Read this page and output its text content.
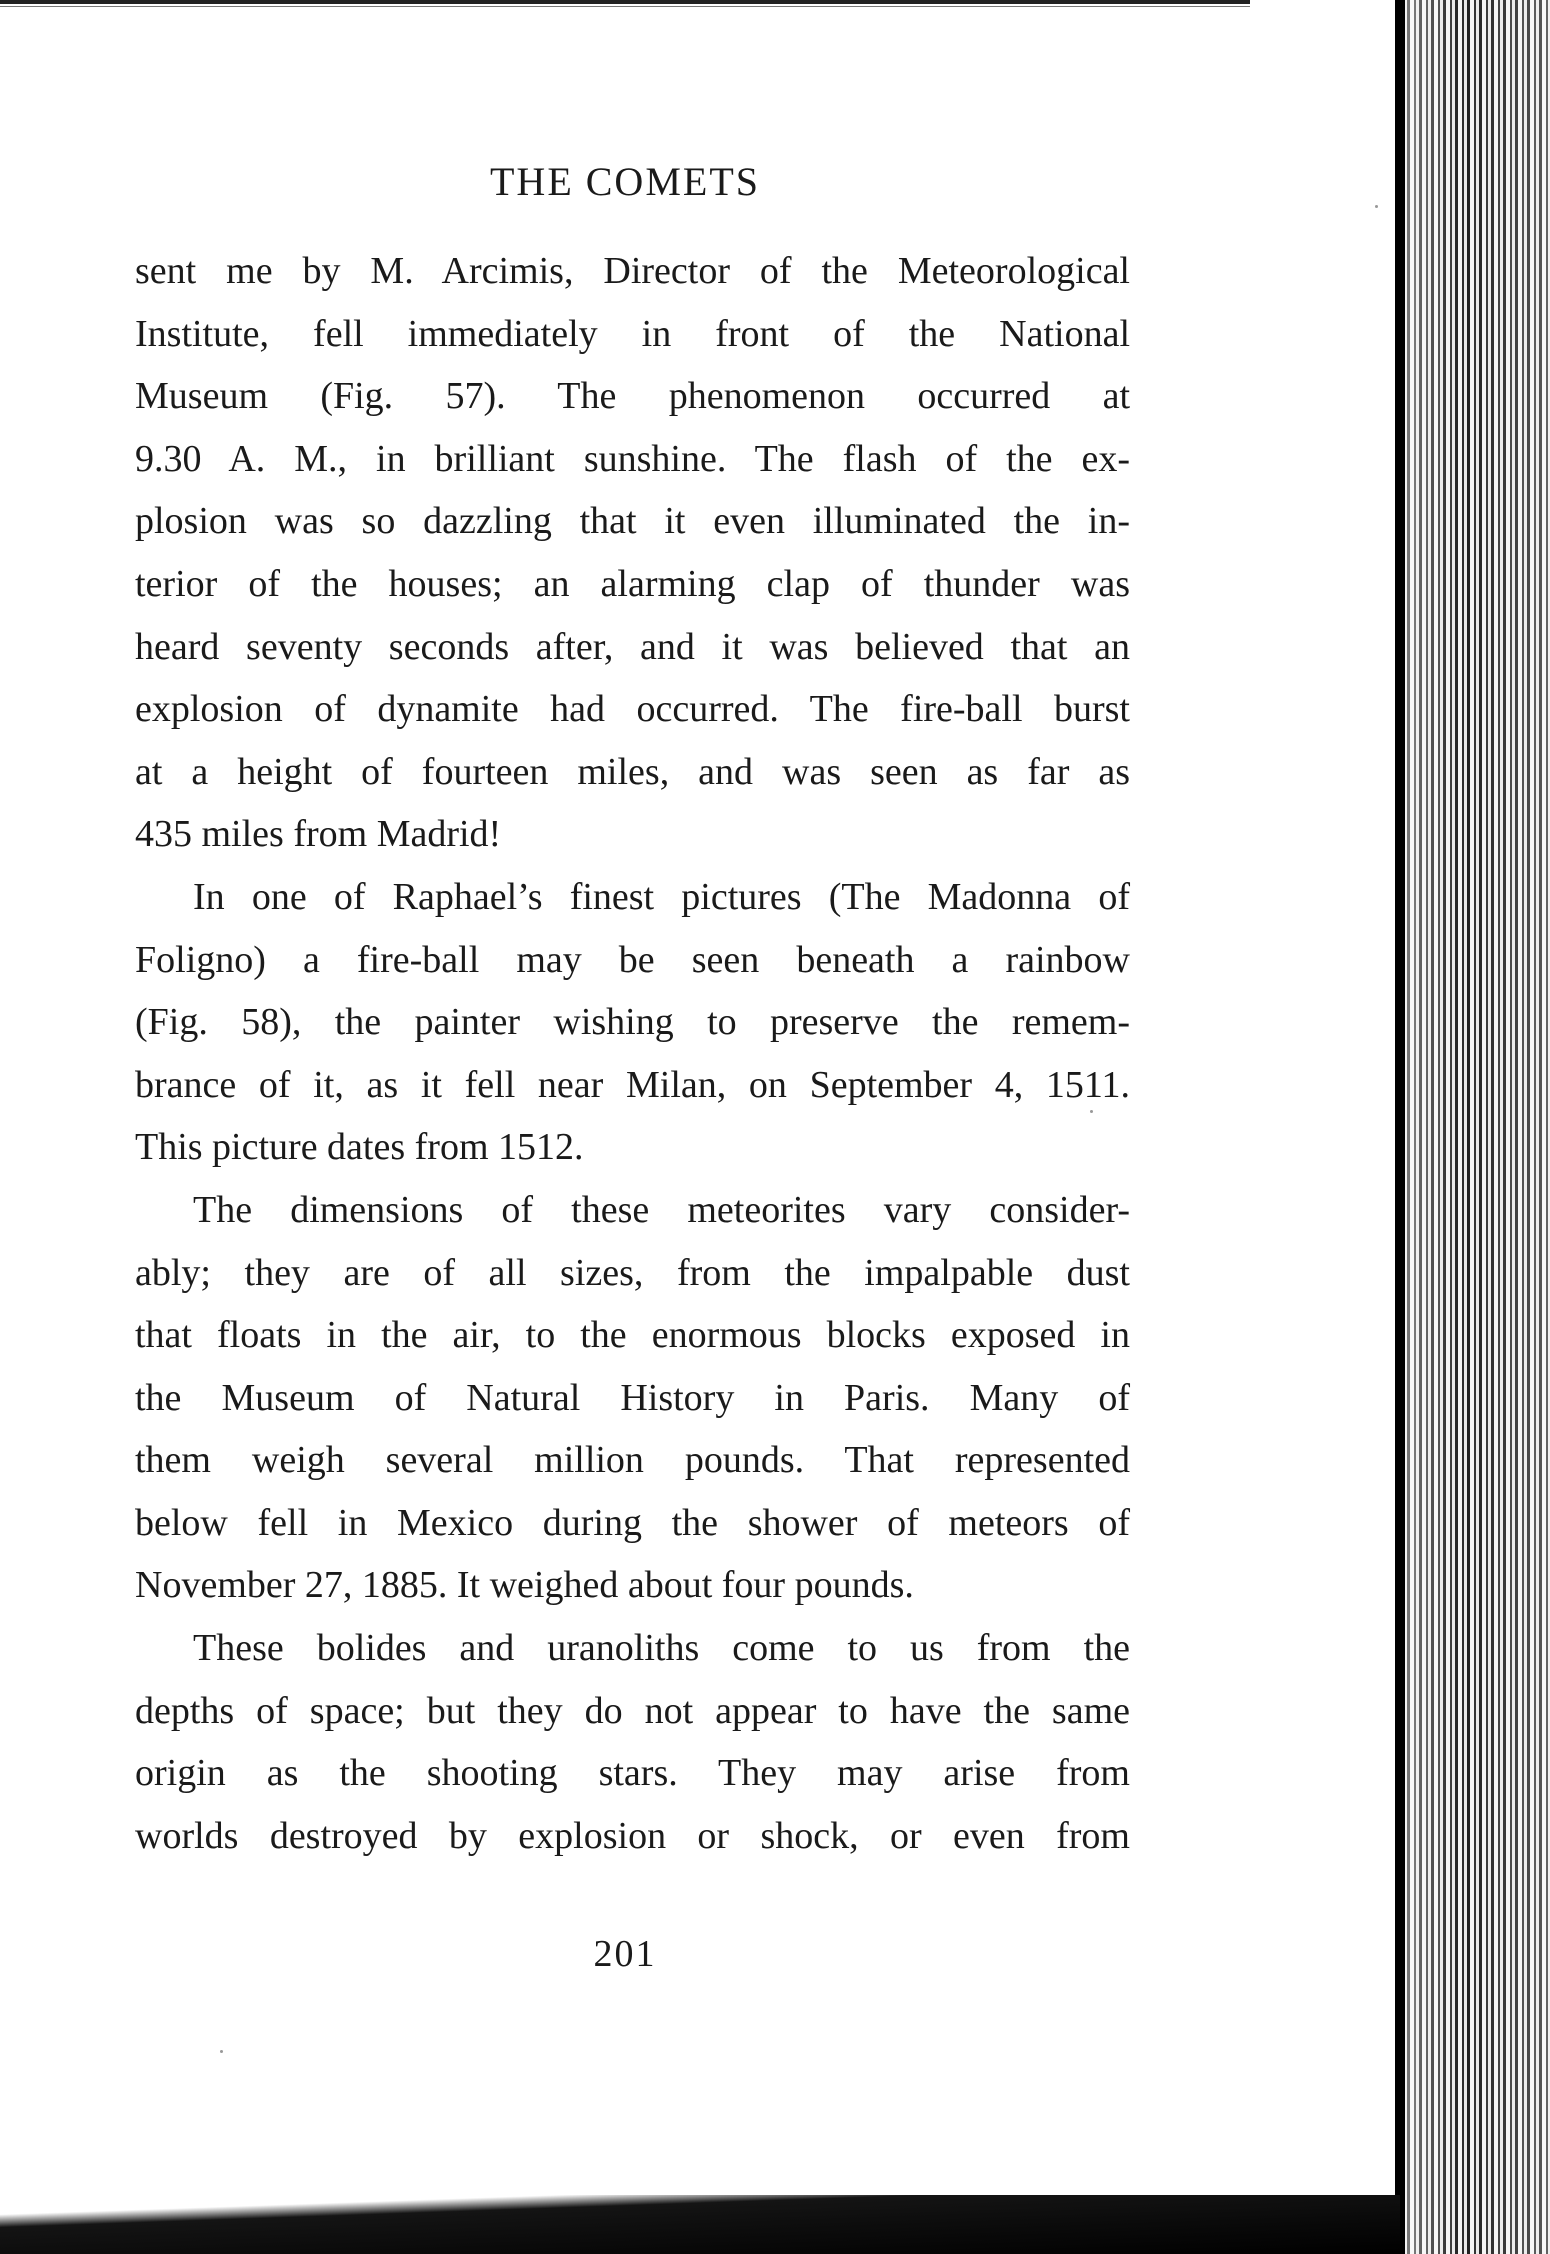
THE COMETS
sent me by M. Arcimis, Director of the Meteorological
Institute, fell immediately in front of the National
Museum (Fig. 57). The phenomenon occurred at
9.30 A. M., in brilliant sunshine. The flash of the ex-
plosion was so dazzling that it even illuminated the in-
terior of the houses; an alarming clap of thunder was
heard seventy seconds after, and it was believed that an
explosion of dynamite had occurred. The fire-ball burst
at a height of fourteen miles, and was seen as far as
435 miles from Madrid!
In one of Raphael’s finest pictures (The Madonna of
Foligno) a fire-ball may be seen beneath a rainbow
(Fig. 58), the painter wishing to preserve the remem-
brance of it, as it fell near Milan, on September 4, 1511.
This picture dates from 1512.
The dimensions of these meteorites vary consider-
ably; they are of all sizes, from the impalpable dust
that floats in the air, to the enormous blocks exposed in
the Museum of Natural History in Paris. Many of
them weigh several million pounds. That represented
below fell in Mexico during the shower of meteors of
November 27, 1885. It weighed about four pounds.
These bolides and uranoliths come to us from the
depths of space; but they do not appear to have the same
origin as the shooting stars. They may arise from
worlds destroyed by explosion or shock, or even from
201
